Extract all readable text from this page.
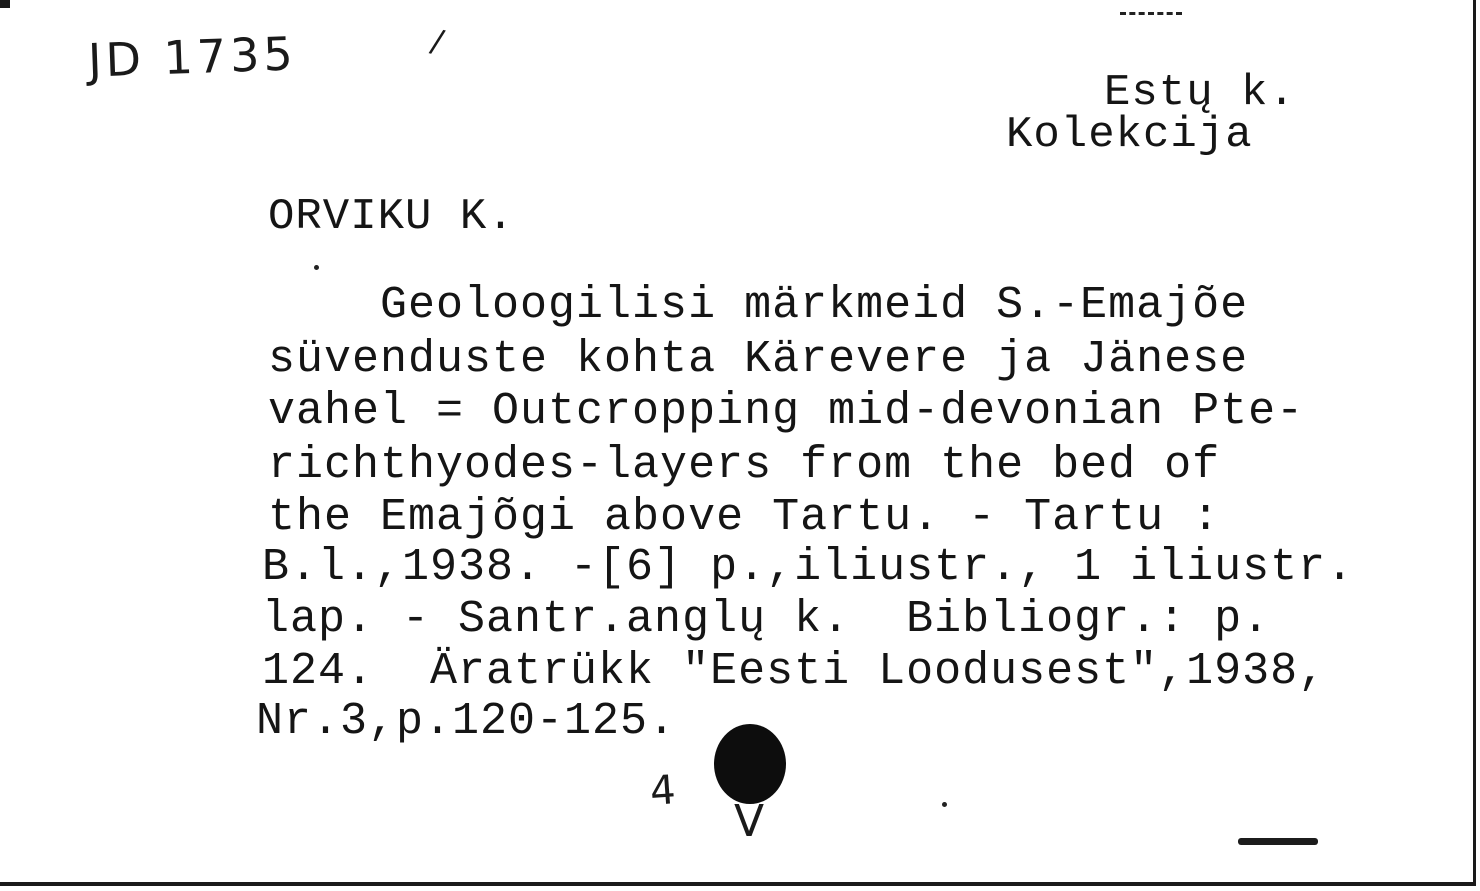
JD 1735	/
Estų k.
Kolekcija
ORVIKU K.

Geoloogilisi märkmeid S.-Emajõe

süvenduste kohta Kärevere ja Jänese

vahel = Outcropping mid-devonian Pte-

richthyodes-layers from the bed of

the Emajõgi above Tartu. - Tartu :

B.l.,1938. -[6] p.,iliustr., 1 iliustr.

lap. - Santr.anglų k.  Bibliogr.: p.

124.  Äratrükk "Eesti Loodusest",1938,

Nr.3,p.120-125.

4
V
